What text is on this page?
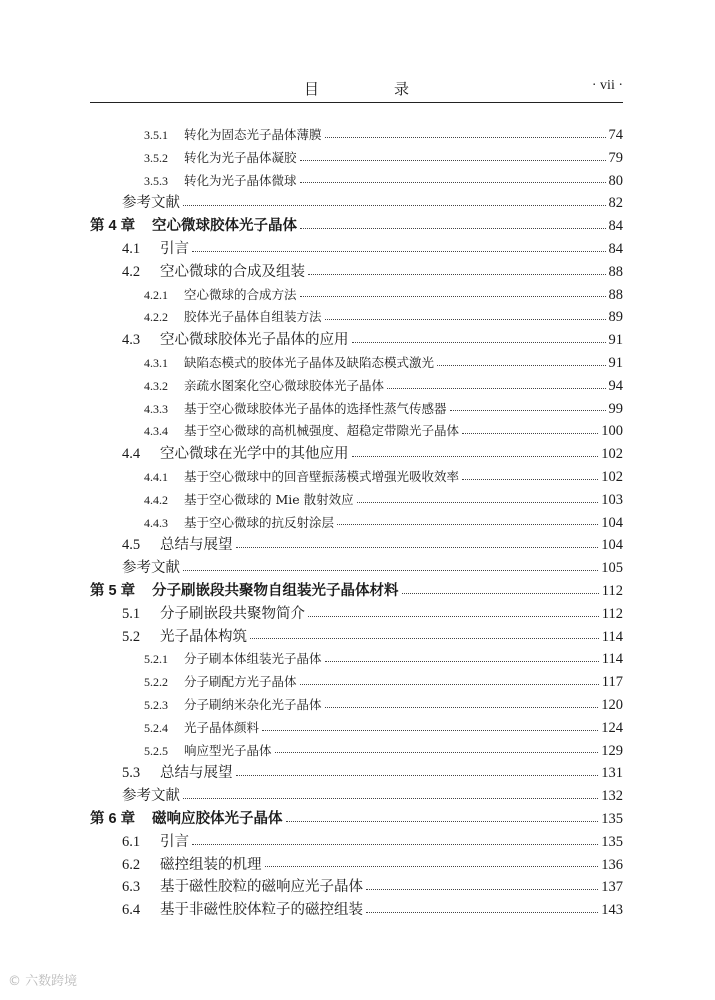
目　录	· vii ·
3.5.1	转化为固态光子晶体薄膜	74
3.5.2	转化为光子晶体凝胶	79
3.5.3	转化为光子晶体微球	80
参考文献	82
第 4 章	空心微球胶体光子晶体	84
4.1	引言	84
4.2	空心微球的合成及组装	88
4.2.1	空心微球的合成方法	88
4.2.2	胶体光子晶体自组装方法	89
4.3	空心微球胶体光子晶体的应用	91
4.3.1	缺陷态模式的胶体光子晶体及缺陷态模式激光	91
4.3.2	亲疏水图案化空心微球胶体光子晶体	94
4.3.3	基于空心微球胶体光子晶体的选择性蒸气传感器	99
4.3.4	基于空心微球的高机械强度、超稳定带隙光子晶体	100
4.4	空心微球在光学中的其他应用	102
4.4.1	基于空心微球中的回音壁振荡模式增强光吸收效率	102
4.4.2	基于空心微球的 Mie 散射效应	103
4.4.3	基于空心微球的抗反射涂层	104
4.5	总结与展望	104
参考文献	105
第 5 章	分子刷嵌段共聚物自组装光子晶体材料	112
5.1	分子刷嵌段共聚物简介	112
5.2	光子晶体构筑	114
5.2.1	分子刷本体组装光子晶体	114
5.2.2	分子刷配方光子晶体	117
5.2.3	分子刷纳米杂化光子晶体	120
5.2.4	光子晶体颜料	124
5.2.5	响应型光子晶体	129
5.3	总结与展望	131
参考文献	132
第 6 章	磁响应胶体光子晶体	135
6.1	引言	135
6.2	磁控组装的机理	136
6.3	基于磁性胶粒的磁响应光子晶体	137
6.4	基于非磁性胶体粒子的磁控组装	143
© 六数跨境
